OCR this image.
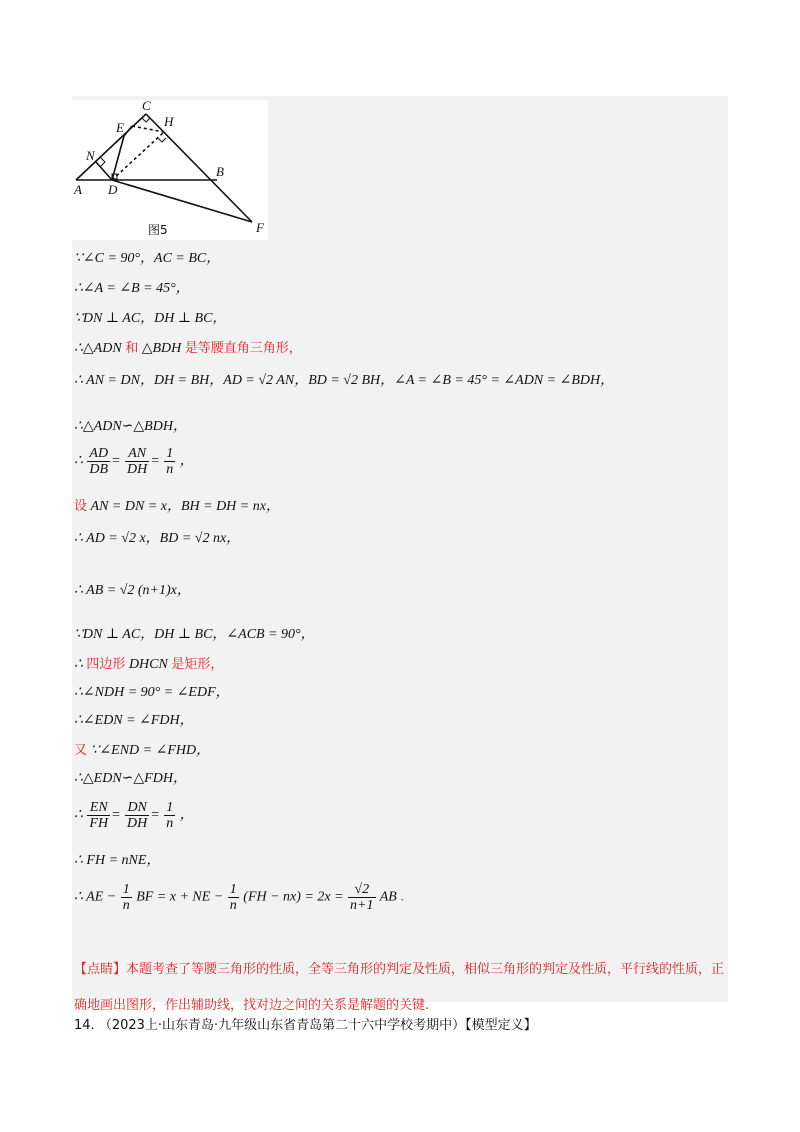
C
E	H
N
A D
B
F
图5
∵∠C = 90°，AC = BC，
∴∠A = ∠B = 45°，
∵DN ⊥ AC，DH ⊥ BC，
∴△ADN 和 △BDH 是等腰直角三角形，
∴ AN = DN，DH = BH，AD = √2 AN，BD = √2 BH，∠A = ∠B = 45° = ∠ADN = ∠BDH，
∴△ADN∽△BDH，
∴ $\frac{AD}{DB} = \frac{AN}{DH} = \frac{1}{n}$ ，
设 AN = DN = x，BH = DH = nx，
∴ AD = √2 x，BD = √2 nx，
∴ AB = √2 (n+1)x，
∵DN ⊥ AC，DH ⊥ BC，∠ACB = 90°，
∴ 四边形 DHCN 是矩形，
∴∠NDH = 90° = ∠EDF，
∴∠EDN = ∠FDH，
又 ∵∠END = ∠FHD，
∴△EDN∽△FDH，
∴ $\frac{EN}{FH} = \frac{DN}{DH} = \frac{1}{n}$ ，
∴ FH = nNE，
∴ AE − $\frac{1}{n}$ BF = x + NE − $\frac{1}{n} (FH - nx) = 2x = \frac{√2}{n+1}$ AB .
【点睛】本题考查了等腰三角形的性质，全等三角形的判定及性质，相似三角形的判定及性质，平行线的性质，正确地画出图形，作出辅助线，找对边之间的关系是解题的关键.
14. （2023上·山东青岛·九年级山东省青岛第二十六中学校考期中）【模型定义】
